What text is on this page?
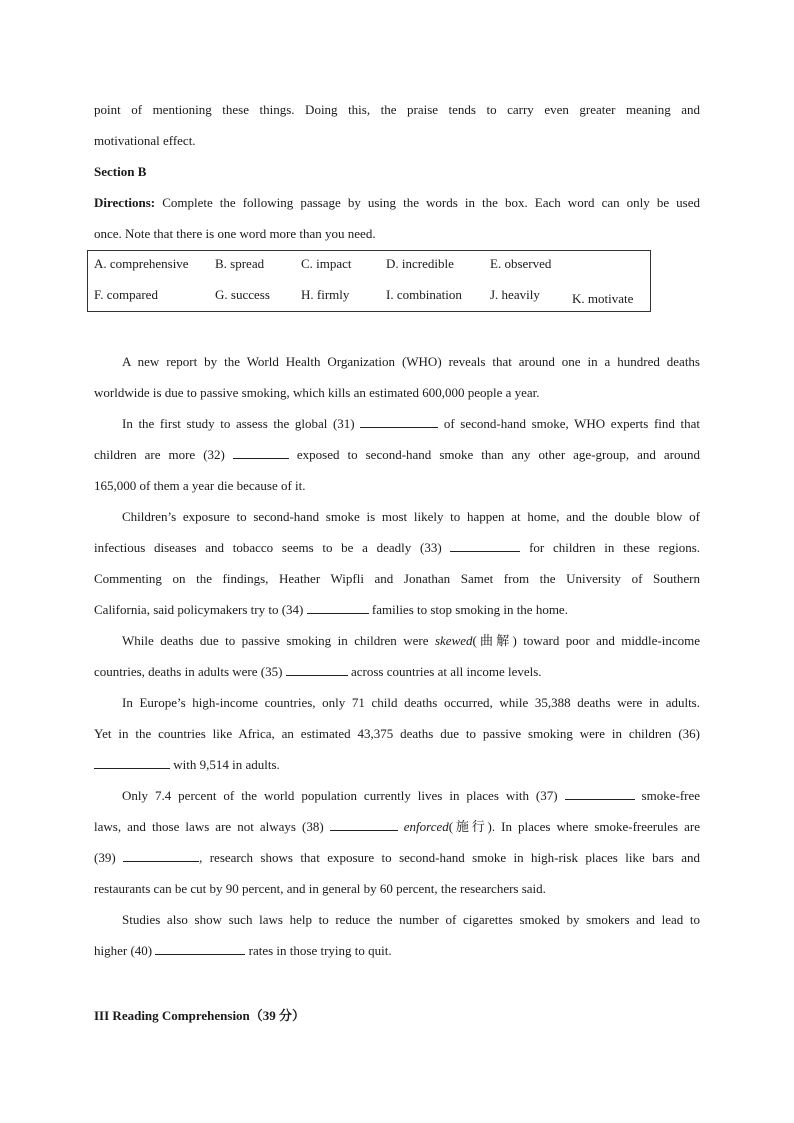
point of mentioning these things. Doing this, the praise tends to carry even greater meaning and
motivational effect.
Section B
Directions: Complete the following passage by using the words in the box. Each word can only be used
once. Note that there is one word more than you need.
A. comprehensive B. spread	C. impact	D. incredible	E. observed
F. compared	G. success H. firmly	I. combination J. heavily K. motivate
A new report by the World Health Organization (WHO) reveals that around one in a hundred deaths
worldwide is due to passive smoking, which kills an estimated 600,000 people a year.
In the first study to assess the global (31)	of second-hand smoke, WHO experts find that
children are more (32)	exposed to second-hand smoke than any other age-group, and around
165,000 of them a year die because of it.
Children’s exposure to second-hand smoke is most likely to happen at home, and the double blow of
infectious diseases and tobacco seems to be a deadly (33)	for children in these regions.
Commenting on the findings, Heather Wipfli and Jonathan Samet from the University of Southern
California, said policymakers try to (34)	families to stop smoking in the home.
While deaths due to passive smoking in children were skewed(曲解) toward poor and middle-income
countries, deaths in adults were (35)	across countries at all income levels.
In Europe’s high-income countries, only 71 child deaths occurred, while 35,388 deaths were in adults.
Yet in the countries like Africa, an estimated 43,375 deaths due to passive smoking were in children (36)
with 9,514 in adults.
Only 7.4 percent of the world population currently lives in places with (37)	smoke-free
laws, and those laws are not always (38)	enforced(施行). In places where smoke-freerules are
(39)	, research shows that exposure to second-hand smoke in high-risk places like bars and
restaurants can be cut by 90 percent, and in general by 60 percent, the researchers said.
Studies also show such laws help to reduce the number of cigarettes smoked by smokers and lead to
higher (40)	rates in those trying to quit.
III Reading Comprehension（39 分）
